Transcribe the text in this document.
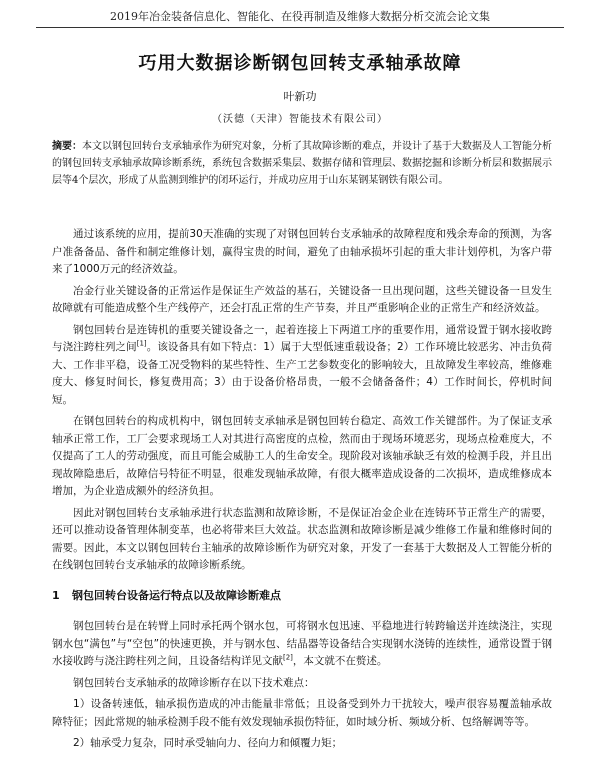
2019年冶金装备信息化、智能化、在役再制造及维修大数据分析交流会论文集
巧用大数据诊断钢包回转支承轴承故障
叶新功
（沃德（天津）智能技术有限公司）
摘要：本文以钢包回转台支承轴承作为研究对象，分析了其故障诊断的难点，并设计了基于大数据及人工智能分析的钢包回转支承轴承故障诊断系统，系统包含数据采集层、数据存储和管理层、数据挖掘和诊断分析层和数据展示层等4个层次，形成了从监测到维护的闭环运行，并成功应用于山东某钢某钢铁有限公司。

通过该系统的应用，提前30天准确的实现了对钢包回转台支承轴承的故障程度和残余寿命的预测，为客户准备备品、备件和制定维修计划，赢得宝贵的时间，避免了由轴承损坏引起的重大非计划停机，为客户带来了1000万元的经济效益。

冶金行业关键设备的正常运作是保证生产效益的基石，关键设备一旦出现问题，这些关键设备一旦发生故障就有可能造成整个生产线停产，还会打乱正常的生产节奏，并且严重影响企业的正常生产和经济效益。

钢包回转台是连铸机的重要关键设备之一，起着连接上下两道工序的重要作用，通常设置于钢水接收跨与浇注跨柱列之间[1]。该设备具有如下特点：1）属于大型低速重载设备；2）工作环境比较恶劣、冲击负荷大、工作非平稳，设备工况受物料的某些特性、生产工艺参数变化的影响较大，且故障发生率较高，维修难度大、修复时间长，修复费用高；3）由于设备价格昂贵，一般不会储备备件；4）工作时间长，停机时间短。

在钢包回转台的构成机构中，钢包回转支承轴承是钢包回转台稳定、高效工作关键部件。为了保证支承轴承正常工作，工厂会要求现场工人对其进行高密度的点检，然而由于现场环境恶劣，现场点检难度大，不仅提高了工人的劳动强度，而且可能会威胁工人的生命安全。现阶段对该轴承缺乏有效的检测手段，并且出现故障隐患后，故障信号特征不明显，很难发现轴承故障，有很大概率造成设备的二次损坏，造成维修成本增加，为企业造成额外的经济负担。

因此对钢包回转台支承轴承进行状态监测和故障诊断，不是保证冶金企业在连铸环节正常生产的需要，还可以推动设备管理体制变革，也必将带来巨大效益。状态监测和故障诊断是减少维修工作量和维修时间的需要。因此，本文以钢包回转台主轴承的故障诊断作为研究对象，开发了一套基于大数据及人工智能分析的在线钢包回转台支承轴承的故障诊断系统。

1 钢包回转台设备运行特点以及故障诊断难点

钢包回转台是在转臂上同时承托两个钢水包，可将钢水包迅速、平稳地进行转跨输送并连续浇注，实现钢水包“满包”与“空包”的快速更换，并与钢水包、结晶器等设备结合实现钢水浇铸的连续性，通常设置于钢水接收跨与浇注跨柱列之间，且设备结构详见文献[2]，本文就不在赘述。

钢包回转台支承轴承的故障诊断存在以下技术难点：

1）设备转速低，轴承损伤造成的冲击能量非常低；且设备受到外力干扰较大，噪声很容易覆盖轴承故障特征；因此常规的轴承检测手段不能有效发现轴承损伤特征，如时域分析、频域分析、包络解调等等。

2）轴承受力复杂，同时承受轴向力、径向力和倾覆力矩；
